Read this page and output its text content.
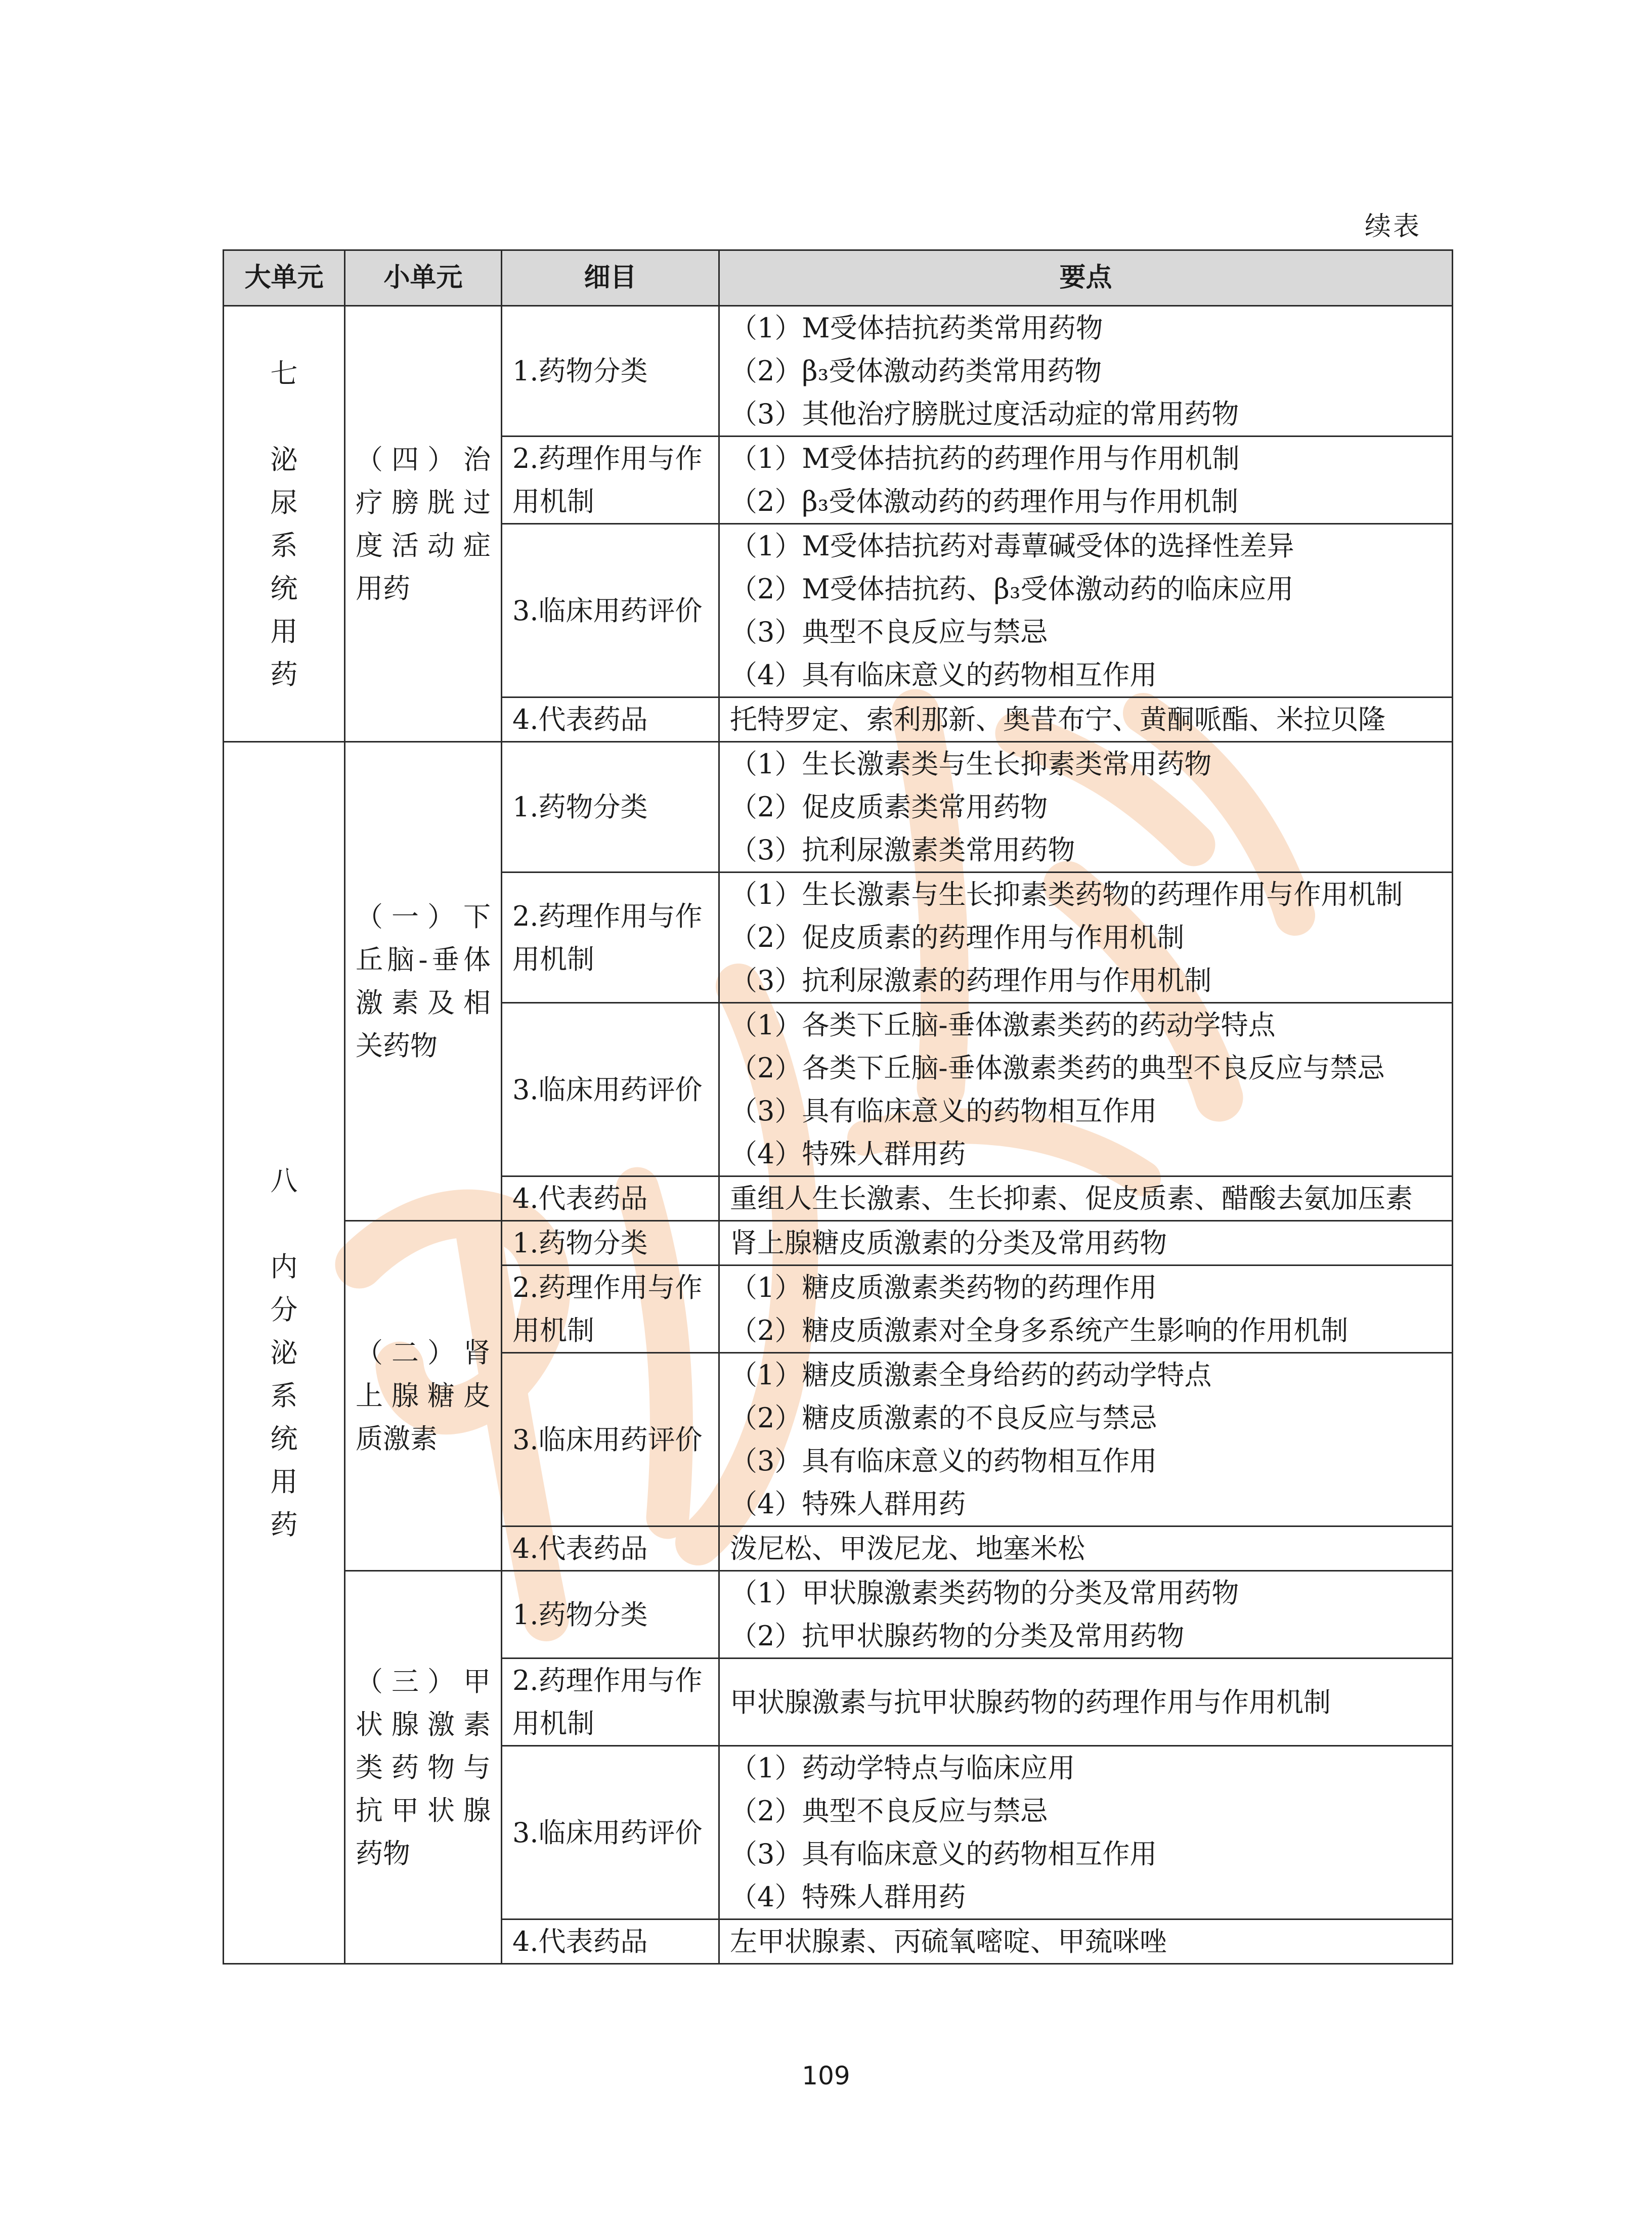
续表
大单元	小单元	细目	要点

七
泌尿系统用药	（四）治疗膀胱过度活动症用药	1.药物分类	（1）M受体拮抗药类常用药物
（2）β₃受体激动药类常用药物
（3）其他治疗膀胱过度活动症的常用药物

		2.药理作用与作用机制	（1）M受体拮抗药的药理作用与作用机制
（2）β₃受体激动药的药理作用与作用机制

		3.临床用药评价	（1）M受体拮抗药对毒蕈碱受体的选择性差异
（2）M受体拮抗药、β₃受体激动药的临床应用
（3）典型不良反应与禁忌
（4）具有临床意义的药物相互作用

		4.代表药品	托特罗定、索利那新、奥昔布宁、黄酮哌酯、米拉贝隆

八
内分泌系统用药	（一）下丘脑-垂体激素及相关药物	1.药物分类	（1）生长激素类与生长抑素类常用药物
（2）促皮质素类常用药物
（3）抗利尿激素类常用药物

		2.药理作用与作用机制	（1）生长激素与生长抑素类药物的药理作用与作用机制
（2）促皮质素的药理作用与作用机制
（3）抗利尿激素的药理作用与作用机制

		3.临床用药评价	（1）各类下丘脑-垂体激素类药的药动学特点
（2）各类下丘脑-垂体激素类药的典型不良反应与禁忌
（3）具有临床意义的药物相互作用
（4）特殊人群用药

		4.代表药品	重组人生长激素、生长抑素、促皮质素、醋酸去氨加压素

	（二）肾上腺糖皮质激素	1.药物分类	肾上腺糖皮质激素的分类及常用药物

		2.药理作用与作用机制	（1）糖皮质激素类药物的药理作用
（2）糖皮质激素对全身多系统产生影响的作用机制

		3.临床用药评价	（1）糖皮质激素全身给药的药动学特点
（2）糖皮质激素的不良反应与禁忌
（3）具有临床意义的药物相互作用
（4）特殊人群用药

		4.代表药品	泼尼松、甲泼尼龙、地塞米松

	（三）甲状腺激素类药物与抗甲状腺药物	1.药物分类	（1）甲状腺激素类药物的分类及常用药物
（2）抗甲状腺药物的分类及常用药物

		2.药理作用与作用机制	甲状腺激素与抗甲状腺药物的药理作用与作用机制

		3.临床用药评价	（1）药动学特点与临床应用
（2）典型不良反应与禁忌
（3）具有临床意义的药物相互作用
（4）特殊人群用药

		4.代表药品	左甲状腺素、丙硫氧嘧啶、甲巯咪唑
109
